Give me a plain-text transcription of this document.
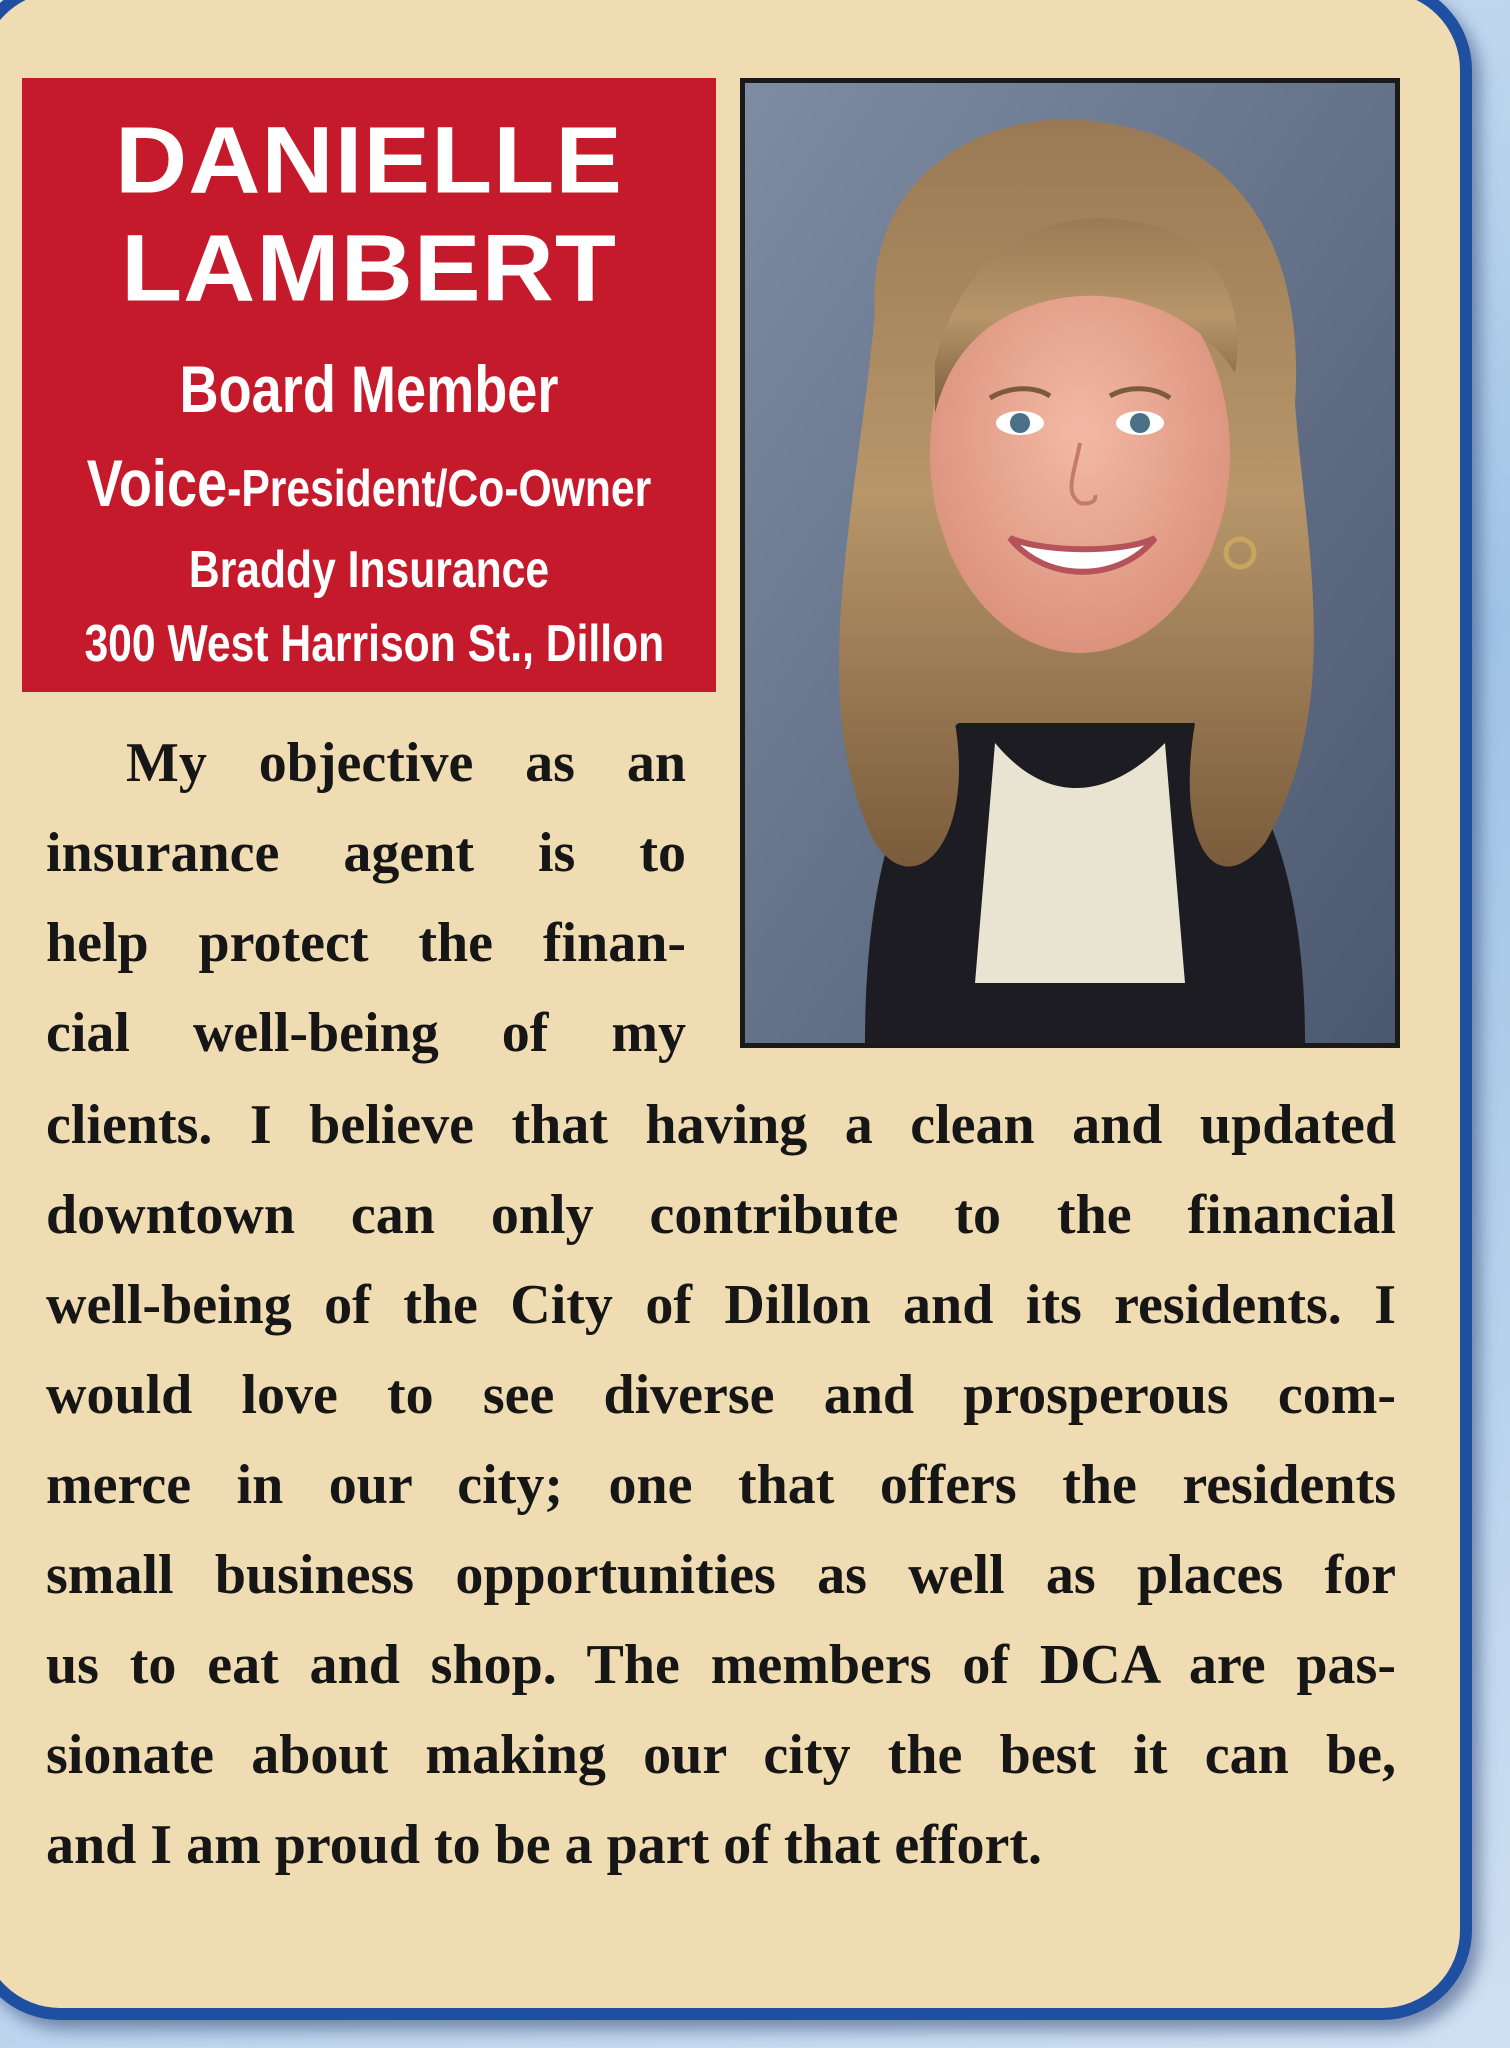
DANIELLE
LAMBERT
Board Member
Voice-President/Co-Owner
Braddy Insurance
300 West Harrison St., Dillon
My objective as an
insurance agent is to
help protect the finan-
cial well-being of my
clients. I believe that having a clean and updated
downtown can only contribute to the financial
well-being of the City of Dillon and its residents. I
would love to see diverse and prosperous com-
merce in our city; one that offers the residents
small business opportunities as well as places for
us to eat and shop. The members of DCA are pas-
sionate about making our city the best it can be,
and I am proud to be a part of that effort.
